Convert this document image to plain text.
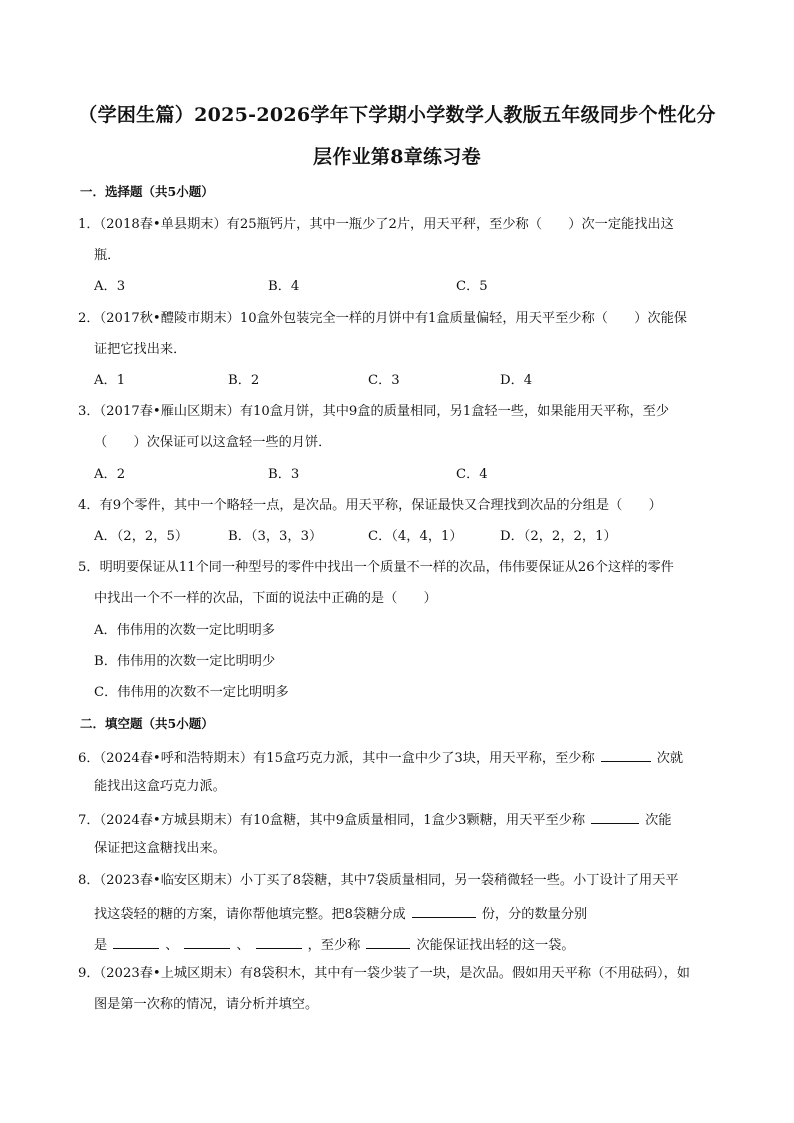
（学困生篇）2025-2026学年下学期小学数学人教版五年级同步个性化分
层作业第8章练习卷
一．选择题（共5小题）
1．（2018春•单县期末）有25瓶钙片，其中一瓶少了2片，用天平秤，至少称（　　）次一定能找出这
瓶．
A．3	B．4	C．5
2．（2017秋•醴陵市期末）10盒外包装完全一样的月饼中有1盒质量偏轻，用天平至少称（　　）次能保
证把它找出来．
A．1	B．2	C．3	D．4
3．（2017春•雁山区期末）有10盒月饼，其中9盒的质量相同，另1盒轻一些，如果能用天平称，至少
（　　）次保证可以这盒轻一些的月饼．
A．2	B．3	C．4
4．有9个零件，其中一个略轻一点，是次品。用天平称，保证最快又合理找到次品的分组是（　　）
A．（2，2，5）	B．（3，3，3）	C．（4，4，1）	D．（2，2，2，1）
5．明明要保证从11个同一种型号的零件中找出一个质量不一样的次品，伟伟要保证从26个这样的零件
中找出一个不一样的次品，下面的说法中正确的是（　　）
A．伟伟用的次数一定比明明多
B．伟伟用的次数一定比明明少
C．伟伟用的次数不一定比明明多
二．填空题（共5小题）
6．（2024春•呼和浩特期末）有15盒巧克力派，其中一盒中少了3块，用天平称，至少称	次就
能找出这盒巧克力派。
7．（2024春•方城县期末）有10盒糖，其中9盒质量相同，1盒少3颗糖，用天平至少称	次能
保证把这盒糖找出来。
8．（2023春•临安区期末）小丁买了8袋糖，其中7袋质量相同，另一袋稍微轻一些。小丁设计了用天平
找这袋轻的糖的方案，请你帮他填完整。把8袋糖分成	份，分的数量分别
是	、	、	，至少称	次能保证找出轻的这一袋。
9．（2023春•上城区期末）有8袋积木，其中有一袋少装了一块，是次品。假如用天平称（不用砝码），如
图是第一次称的情况，请分析并填空。
